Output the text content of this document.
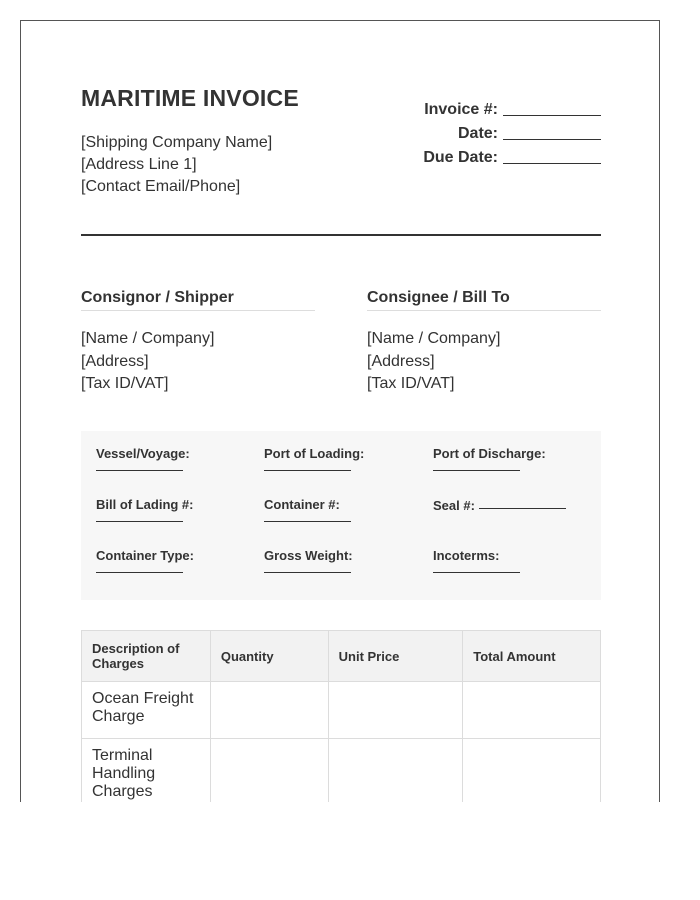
MARITIME INVOICE
[Shipping Company Name]
[Address Line 1]
[Contact Email/Phone]
Invoice #:
Date:
Due Date:
Consignor / Shipper
[Name / Company]
[Address]
[Tax ID/VAT]
Consignee / Bill To
[Name / Company]
[Address]
[Tax ID/VAT]
Vessel/Voyage:	Port of Loading:	Port of Discharge:
Bill of Lading #:	Container #:	Seal #:
Container Type:	Gross Weight:	Incoterms:
Description of Charges	Quantity	Unit Price	Total Amount
Ocean Freight Charge			
Terminal Handling Charges			
